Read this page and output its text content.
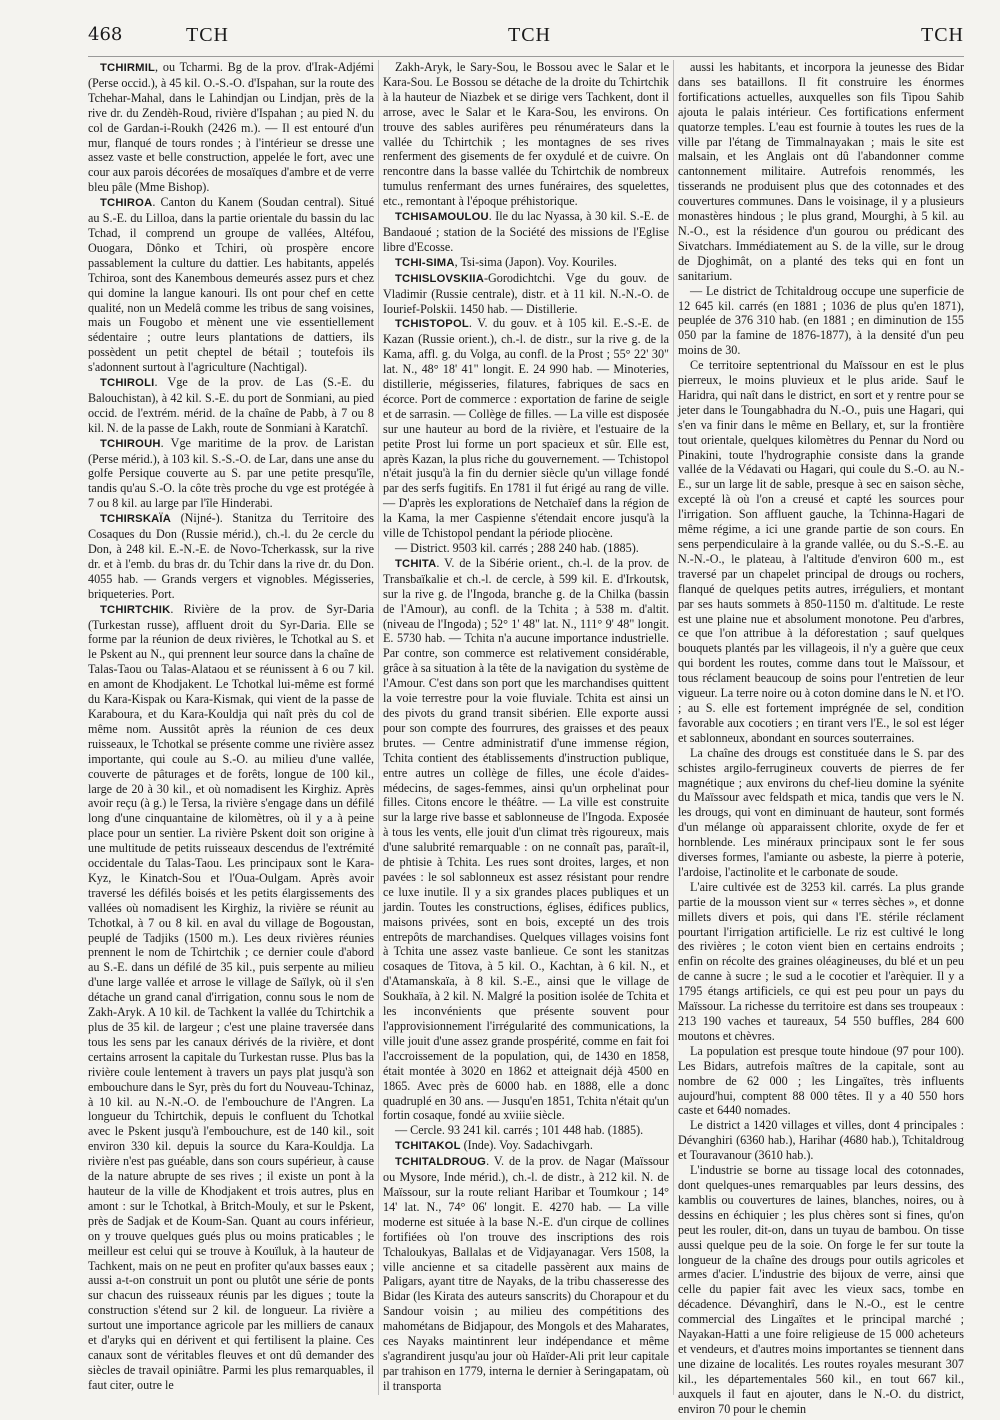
468	TCH	TCH	TCH

TCHIRMIL, ou Tcharmi. Bg de la prov. d'Irak-Adjémi (Perse occid.), à 45 kil. O.-S.-O. d'Ispahan, sur la route des Tchehar-Mahal, dans le Lahindjan ou Lindjan, près de la rive dr. du Zendèh-Roud, rivière d'Ispahan ; au pied N. du col de Gardan-i-Roukh (2426 m.). — Il est entouré d'un mur, flanqué de tours rondes ; à l'intérieur se dresse une assez vaste et belle construction, appelée le fort, avec une cour aux parois décorées de mosaïques d'ambre et de verre bleu pâle (Mme Bishop).

TCHIROA. Canton du Kanem (Soudan central). Situé au S.-E. du Lilloa, dans la partie orientale du bassin du lac Tchad, il comprend un groupe de vallées, Altéfou, Ouogara, Dônko et Tchiri, où prospère encore passablement la culture du dattier. Les habitants, appelés Tchiroa, sont des Kanembous demeurés assez purs et chez qui domine la langue kanouri. Ils ont pour chef en cette qualité, non un Medelâ comme les tribus de sang voisines, mais un Fougobo et mènent une vie essentiellement sédentaire ; outre leurs plantations de dattiers, ils possèdent un petit cheptel de bétail ; toutefois ils s'adonnent surtout à l'agriculture (Nachtigal).

TCHIROLI. Vge de la prov. de Las (S.-E. du Balouchistan), à 42 kil. S.-E. du port de Sonmiani, au pied occid. de l'extrém. mérid. de la chaîne de Pabb, à 7 ou 8 kil. N. de la passe de Lakh, route de Sonmiani à Karatchî.

TCHIROUH. Vge maritime de la prov. de Laristan (Perse mérid.), à 103 kil. S.-S.-O. de Lar, dans une anse du golfe Persique couverte au S. par une petite presqu'île, tandis qu'au S.-O. la côte très proche du vge est protégée à 7 ou 8 kil. au large par l'île Hinderabi.

TCHIRSKAÏA (Nijné-). Stanitza du Territoire des Cosaques du Don (Russie mérid.), ch.-l. du 2e cercle du Don, à 248 kil. E.-N.-E. de Novo-Tcherkassk, sur la rive dr. et à l'emb. du bras dr. du Tchir dans la rive dr. du Don. 4055 hab. — Grands vergers et vignobles. Mégisseries, briqueteries. Port.

TCHIRTCHIK. Rivière de la prov. de Syr-Daria (Turkestan russe), affluent droit du Syr-Daria. Elle se forme par la réunion de deux rivières, le Tchotkal au S. et le Pskent au N., qui prennent leur source dans la chaîne de Talas-Taou ou Talas-Alataou et se réunissent à 6 ou 7 kil. en amont de Khodjakent. Le Tchotkal lui-même est formé du Kara-Kispak ou Kara-Kismak, qui vient de la passe de Karaboura, et du Kara-Kouldja qui naît près du col de même nom. Aussitôt après la réunion de ces deux ruisseaux, le Tchotkal se présente comme une rivière assez importante, qui coule au S.-O. au milieu d'une vallée, couverte de pâturages et de forêts, longue de 100 kil., large de 20 à 30 kil., et où nomadisent les Kirghiz. Après avoir reçu (à g.) le Tersa, la rivière s'engage dans un défilé long d'une cinquantaine de kilomètres, où il y a à peine place pour un sentier. La rivière Pskent doit son origine à une multitude de petits ruisseaux descendus de l'extrémité occidentale du Talas-Taou. Les principaux sont le Kara-Kyz, le Kinatch-Sou et l'Oua-Oulgam. Après avoir traversé les défilés boisés et les petits élargissements des vallées où nomadisent les Kirghiz, la rivière se réunit au Tchotkal, à 7 ou 8 kil. en aval du village de Bogoustan, peuplé de Tadjiks (1500 m.). Les deux rivières réunies prennent le nom de Tchirtchik ; ce dernier coule d'abord au S.-E. dans un défilé de 35 kil., puis serpente au milieu d'une large vallée et arrose le village de Saïlyk, où il s'en détache un grand canal d'irrigation, connu sous le nom de Zakh-Aryk. A 10 kil. de Tachkent la vallée du Tchirtchik a plus de 35 kil. de largeur ; c'est une plaine traversée dans tous les sens par les canaux dérivés de la rivière, et dont certains arrosent la capitale du Turkestan russe. Plus bas la rivière coule lentement à travers un pays plat jusqu'à son embouchure dans le Syr, près du fort du Nouveau-Tchinaz, à 10 kil. au N.-N.-O. de l'embouchure de l'Angren. La longueur du Tchirtchik, depuis le confluent du Tchotkal avec le Pskent jusqu'à l'embouchure, est de 140 kil., soit environ 330 kil. depuis la source du Kara-Kouldja. La rivière n'est pas guéable, dans son cours supérieur, à cause de la nature abrupte de ses rives ; il existe un pont à la hauteur de la ville de Khodjakent et trois autres, plus en amont : sur le Tchotkal, à Britch-Mouly, et sur le Pskent, près de Sadjak et de Koum-San. Quant au cours inférieur, on y trouve quelques gués plus ou moins praticables ; le meilleur est celui qui se trouve à Kouïluk, à la hauteur de Tachkent, mais on ne peut en profiter qu'aux basses eaux ; aussi a-t-on construit un pont ou plutôt une série de ponts sur chacun des ruisseaux réunis par les digues ; toute la construction s'étend sur 2 kil. de longueur. La rivière a surtout une importance agricole par les milliers de canaux et d'aryks qui en dérivent et qui fertilisent la plaine. Ces canaux sont de véritables fleuves et ont dû demander des siècles de travail opiniâtre. Parmi les plus remarquables, il faut citer, outre le

Zakh-Aryk, le Sary-Sou, le Bossou avec le Salar et le Kara-Sou. Le Bossou se détache de la droite du Tchirtchik à la hauteur de Niazbek et se dirige vers Tachkent, dont il arrose, avec le Salar et le Kara-Sou, les environs. On trouve des sables aurifères peu rénumérateurs dans la vallée du Tchirtchik ; les montagnes de ses rives renferment des gisements de fer oxydulé et de cuivre. On rencontre dans la basse vallée du Tchirtchik de nombreux tumulus renfermant des urnes funéraires, des squelettes, etc., remontant à l'époque préhistorique.

TCHISAMOULOU. Ile du lac Nyassa, à 30 kil. S.-E. de Bandaoué ; station de la Société des missions de l'Eglise libre d'Ecosse.

TCHI-SIMA, Tsi-sima (Japon). Voy. Kouriles.

TCHISLOVSKIIA-Gorodichtchi. Vge du gouv. de Vladimir (Russie centrale), distr. et à 11 kil. N.-N.-O. de Iourief-Polskii. 1450 hab. — Distillerie.

TCHISTOPOL. V. du gouv. et à 105 kil. E.-S.-E. de Kazan (Russie orient.), ch.-l. de distr., sur la rive g. de la Kama, affl. g. du Volga, au confl. de la Prost ; 55° 22' 30" lat. N., 48° 18' 41" longit. E. 24 990 hab. — Minoteries, distillerie, mégisseries, filatures, fabriques de sacs en écorce. Port de commerce : exportation de farine de seigle et de sarrasin. — Collège de filles. — La ville est disposée sur une hauteur au bord de la rivière, et l'estuaire de la petite Prost lui forme un port spacieux et sûr. Elle est, après Kazan, la plus riche du gouvernement. — Tchistopol n'était jusqu'à la fin du dernier siècle qu'un village fondé par des serfs fugitifs. En 1781 il fut érigé au rang de ville. — D'après les explorations de Netchaïef dans la région de la Kama, la mer Caspienne s'étendait encore jusqu'à la ville de Tchistopol pendant la période pliocène.

— District. 9503 kil. carrés ; 288 240 hab. (1885).

TCHITA. V. de la Sibérie orient., ch.-l. de la prov. de Transbaïkalie et ch.-l. de cercle, à 599 kil. E. d'Irkoutsk, sur la rive g. de l'Ingoda, branche g. de la Chilka (bassin de l'Amour), au confl. de la Tchita ; à 538 m. d'altit. (niveau de l'Ingoda) ; 52° 1' 48" lat. N., 111° 9' 48" longit. E. 5730 hab. — Tchita n'a aucune importance industrielle. Par contre, son commerce est relativement considérable, grâce à sa situation à la tête de la navigation du système de l'Amour. C'est dans son port que les marchandises quittent la voie terrestre pour la voie fluviale. Tchita est ainsi un des pivots du grand transit sibérien. Elle exporte aussi pour son compte des fourrures, des graisses et des peaux brutes. — Centre administratif d'une immense région, Tchita contient des établissements d'instruction publique, entre autres un collège de filles, une école d'aides-médecins, de sages-femmes, ainsi qu'un orphelinat pour filles. Citons encore le théâtre. — La ville est construite sur la large rive basse et sablonneuse de l'Ingoda. Exposée à tous les vents, elle jouit d'un climat très rigoureux, mais d'une salubrité remarquable : on ne connaît pas, paraît-il, de phtisie à Tchita. Les rues sont droites, larges, et non pavées : le sol sablonneux est assez résistant pour rendre ce luxe inutile. Il y a six grandes places publiques et un jardin. Toutes les constructions, églises, édifices publics, maisons privées, sont en bois, excepté un des trois entrepôts de marchandises. Quelques villages voisins font à Tchita une assez vaste banlieue. Ce sont les stanitzas cosaques de Titova, à 5 kil. O., Kachtan, à 6 kil. N., et d'Atamanskaïa, à 8 kil. S.-E., ainsi que le village de Soukhaïa, à 2 kil. N. Malgré la position isolée de Tchita et les inconvénients que présente souvent pour l'approvisionnement l'irrégularité des communications, la ville jouit d'une assez grande prospérité, comme en fait foi l'accroissement de la population, qui, de 1430 en 1858, était montée à 3020 en 1862 et atteignait déjà 4500 en 1865. Avec près de 6000 hab. en 1888, elle a donc quadruplé en 30 ans. — Jusqu'en 1851, Tchita n'était qu'un fortin cosaque, fondé au xviiie siècle.

— Cercle. 93 241 kil. carrés ; 101 448 hab. (1885).

TCHITAKOL (Inde). Voy. Sadachivgarh.

TCHITALDROUG. V. de la prov. de Nagar (Maïssour ou Mysore, Inde mérid.), ch.-l. de distr., à 212 kil. N. de Maïssour, sur la route reliant Haribar et Toumkour ; 14° 14' lat. N., 74° 06' longit. E. 4270 hab. — La ville moderne est située à la base N.-E. d'un cirque de collines fortifiées où l'on trouve des inscriptions des rois Tchaloukyas, Ballalas et de Vidjayanagar. Vers 1508, la ville ancienne et sa citadelle passèrent aux mains de Paligars, ayant titre de Nayaks, de la tribu chasseresse des Bidar (les Kirata des auteurs sanscrits) du Chorapour et du Sandour voisin ; au milieu des compétitions des mahométans de Bidjapour, des Mongols et des Maharates, ces Nayaks maintinrent leur indépendance et même s'agrandirent jusqu'au jour où Haïder-Ali prit leur capitale par trahison en 1779, interna le dernier à Seringapatam, où il transporta

aussi les habitants, et incorpora la jeunesse des Bidar dans ses bataillons. Il fit construire les énormes fortifications actuelles, auxquelles son fils Tipou Sahib ajouta le palais intérieur. Ces fortifications enferment quatorze temples. L'eau est fournie à toutes les rues de la ville par l'étang de Timmalnayakan ; mais le site est malsain, et les Anglais ont dû l'abandonner comme cantonnement militaire. Autrefois renommés, les tisserands ne produisent plus que des cotonnades et des couvertures communes. Dans le voisinage, il y a plusieurs monastères hindous ; le plus grand, Mourghi, à 5 kil. au N.-O., est la résidence d'un gourou ou prédicant des Sivatchars. Immédiatement au S. de la ville, sur le droug de Djoghimât, on a planté des teks qui en font un sanitarium.

— Le district de Tchitaldroug occupe une superficie de 12 645 kil. carrés (en 1881 ; 1036 de plus qu'en 1871), peuplée de 376 310 hab. (en 1881 ; en diminution de 155 050 par la famine de 1876-1877), à la densité d'un peu moins de 30.

Ce territoire septentrional du Maïssour en est le plus pierreux, le moins pluvieux et le plus aride. Sauf le Haridra, qui naît dans le district, en sort et y rentre pour se jeter dans le Toungabhadra du N.-O., puis une Hagari, qui s'en va finir dans le même en Bellary, et, sur la frontière tout orientale, quelques kilomètres du Pennar du Nord ou Pinakini, toute l'hydrographie consiste dans la grande vallée de la Védavati ou Hagari, qui coule du S.-O. au N.-E., sur un large lit de sable, presque à sec en saison sèche, excepté là où l'on a creusé et capté les sources pour l'irrigation. Son affluent gauche, la Tchinna-Hagari de même régime, a ici une grande partie de son cours. En sens perpendiculaire à la grande vallée, ou du S.-S.-E. au N.-N.-O., le plateau, à l'altitude d'environ 600 m., est traversé par un chapelet principal de drougs ou rochers, flanqué de quelques petits autres, irréguliers, et montant par ses hauts sommets à 850-1150 m. d'altitude. Le reste est une plaine nue et absolument monotone. Peu d'arbres, ce que l'on attribue à la déforestation ; sauf quelques bouquets plantés par les villageois, il n'y a guère que ceux qui bordent les routes, comme dans tout le Maïssour, et tous réclament beaucoup de soins pour l'entretien de leur vigueur. La terre noire ou à coton domine dans le N. et l'O. ; au S. elle est fortement imprégnée de sel, condition favorable aux cocotiers ; en tirant vers l'E., le sol est léger et sablonneux, abondant en sources souterraines.

La chaîne des drougs est constituée dans le S. par des schistes argilo-ferrugineux couverts de pierres de fer magnétique ; aux environs du chef-lieu domine la syénite du Maïssour avec feldspath et mica, tandis que vers le N. les drougs, qui vont en diminuant de hauteur, sont formés d'un mélange où apparaissent chlorite, oxyde de fer et hornblende. Les minéraux principaux sont le fer sous diverses formes, l'amiante ou asbeste, la pierre à poterie, l'ardoise, l'actinolite et le carbonate de soude.

L'aire cultivée est de 3253 kil. carrés. La plus grande partie de la mousson vient sur « terres sèches », et donne millets divers et pois, qui dans l'E. stérile réclament pourtant l'irrigation artificielle. Le riz est cultivé le long des rivières ; le coton vient bien en certains endroits ; enfin on récolte des graines oléagineuses, du blé et un peu de canne à sucre ; le sud a le cocotier et l'arèquier. Il y a 1795 étangs artificiels, ce qui est peu pour un pays du Maïssour. La richesse du territoire est dans ses troupeaux : 213 190 vaches et taureaux, 54 550 buffles, 284 600 moutons et chèvres.

La population est presque toute hindoue (97 pour 100). Les Bidars, autrefois maîtres de la capitale, sont au nombre de 62 000 ; les Lingaïtes, très influents aujourd'hui, comptent 88 000 têtes. Il y a 40 550 hors caste et 6440 nomades.

Le district a 1420 villages et villes, dont 4 principales : Dévanghiri (6360 hab.), Harihar (4680 hab.), Tchitaldroug et Touravanour (3610 hab.).

L'industrie se borne au tissage local des cotonnades, dont quelques-unes remarquables par leurs dessins, des kamblis ou couvertures de laines, blanches, noires, ou à dessins en échiquier ; les plus chères sont si fines, qu'on peut les rouler, dit-on, dans un tuyau de bambou. On tisse aussi quelque peu de la soie. On forge le fer sur toute la longueur de la chaîne des drougs pour outils agricoles et armes d'acier. L'industrie des bijoux de verre, ainsi que celle du papier fait avec les vieux sacs, tombe en décadence. Dévanghirî, dans le N.-O., est le centre commercial des Lingaïtes et le principal marché ; Nayakan-Hatti a une foire religieuse de 15 000 acheteurs et vendeurs, et d'autres moins importantes se tiennent dans une dizaine de localités. Les routes royales mesurant 307 kil., les départementales 560 kil., en tout 667 kil., auxquels il faut en ajouter, dans le N.-O. du district, environ 70 pour le chemin
